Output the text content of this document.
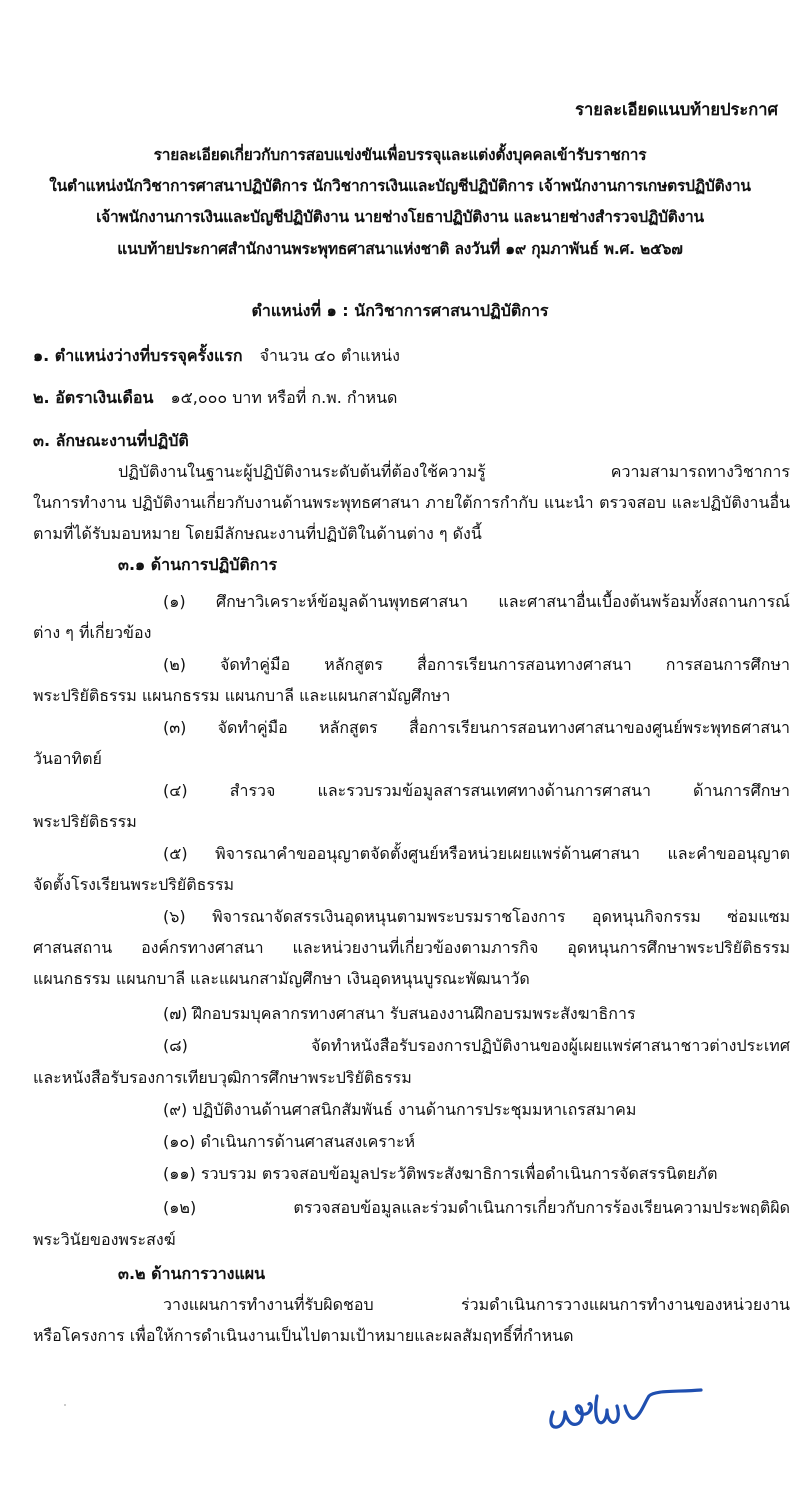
รายละเอียดแนบท้ายประกาศ
รายละเอียดเกี่ยวกับการสอบแข่งขันเพื่อบรรจุและแต่งตั้งบุคคลเข้ารับราชการ
ในตำแหน่งนักวิชาการศาสนาปฏิบัติการ นักวิชาการเงินและบัญชีปฏิบัติการ เจ้าพนักงานการเกษตรปฏิบัติงาน
เจ้าพนักงานการเงินและบัญชีปฏิบัติงาน นายช่างโยธาปฏิบัติงาน และนายช่างสำรวจปฏิบัติงาน
แนบท้ายประกาศสำนักงานพระพุทธศาสนาแห่งชาติ ลงวันที่ ๑๙ กุมภาพันธ์ พ.ศ. ๒๕๖๗
ตำแหน่งที่ ๑ : นักวิชาการศาสนาปฏิบัติการ
๑. ตำแหน่งว่างที่บรรจุครั้งแรก จำนวน ๔๐ ตำแหน่ง
๒. อัตราเงินเดือน ๑๕,๐๐๐ บาท หรือที่ ก.พ. กำหนด
๓. ลักษณะงานที่ปฏิบัติ
ปฏิบัติงานในฐานะผู้ปฏิบัติงานระดับต้นที่ต้องใช้ความรู้ ความสามารถทางวิชาการ
ในการทำงาน ปฏิบัติงานเกี่ยวกับงานด้านพระพุทธศาสนา ภายใต้การกำกับ แนะนำ ตรวจสอบ และปฏิบัติงานอื่น
ตามที่ได้รับมอบหมาย โดยมีลักษณะงานที่ปฏิบัติในด้านต่าง ๆ ดังนี้
๓.๑ ด้านการปฏิบัติการ
(๑) ศึกษาวิเคราะห์ข้อมูลด้านพุทธศาสนา และศาสนาอื่นเบื้องต้นพร้อมทั้งสถานการณ์
ต่าง ๆ ที่เกี่ยวข้อง
(๒) จัดทำคู่มือ หลักสูตร สื่อการเรียนการสอนทางศาสนา การสอนการศึกษา
พระปริยัติธรรม แผนกธรรม แผนกบาลี และแผนกสามัญศึกษา
(๓) จัดทำคู่มือ หลักสูตร สื่อการเรียนการสอนทางศาสนาของศูนย์พระพุทธศาสนา
วันอาทิตย์
(๔) สำรวจ และรวบรวมข้อมูลสารสนเทศทางด้านการศาสนา ด้านการศึกษา
พระปริยัติธรรม
(๕) พิจารณาคำขออนุญาตจัดตั้งศูนย์หรือหน่วยเผยแพร่ด้านศาสนา และคำขออนุญาต
จัดตั้งโรงเรียนพระปริยัติธรรม
(๖) พิจารณาจัดสรรเงินอุดหนุนตามพระบรมราชโองการ อุดหนุนกิจกรรม ซ่อมแซม
ศาสนสถาน องค์กรทางศาสนา และหน่วยงานที่เกี่ยวข้องตามภารกิจ อุดหนุนการศึกษาพระปริยัติธรรม
แผนกธรรม แผนกบาลี และแผนกสามัญศึกษา เงินอุดหนุนบูรณะพัฒนาวัด
(๗) ฝึกอบรมบุคลากรทางศาสนา รับสนองงานฝึกอบรมพระสังฆาธิการ
(๘) จัดทำหนังสือรับรองการปฏิบัติงานของผู้เผยแพร่ศาสนาชาวต่างประเทศ
และหนังสือรับรองการเทียบวุฒิการศึกษาพระปริยัติธรรม
(๙) ปฏิบัติงานด้านศาสนิกสัมพันธ์ งานด้านการประชุมมหาเถรสมาคม
(๑๐) ดำเนินการด้านศาสนสงเคราะห์
(๑๑) รวบรวม ตรวจสอบข้อมูลประวัติพระสังฆาธิการเพื่อดำเนินการจัดสรรนิตยภัต
(๑๒) ตรวจสอบข้อมูลและร่วมดำเนินการเกี่ยวกับการร้องเรียนความประพฤติผิด
พระวินัยของพระสงฆ์
๓.๒ ด้านการวางแผน
วางแผนการทำงานที่รับผิดชอบ ร่วมดำเนินการวางแผนการทำงานของหน่วยงาน
หรือโครงการ เพื่อให้การดำเนินงานเป็นไปตามเป้าหมายและผลสัมฤทธิ์ที่กำหนด
